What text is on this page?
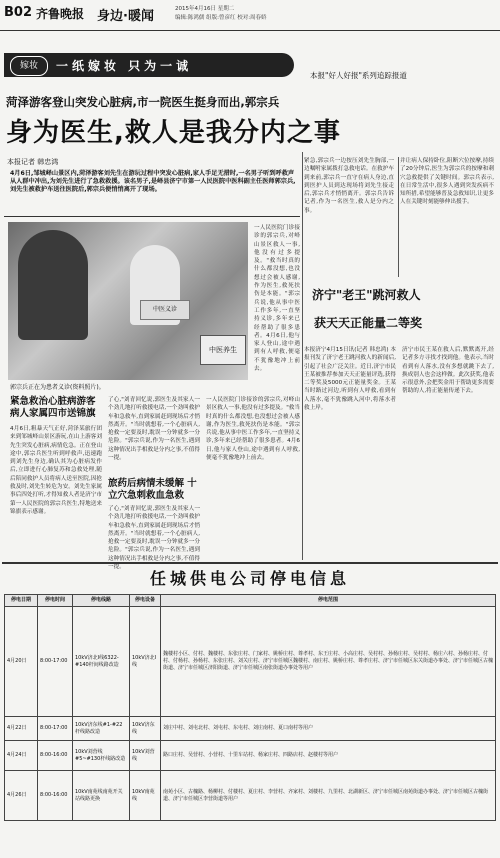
B02 齐鲁晚报 身边·暖闻	2015年4月16日 星期二
编辑:陈鸿儒 组版:曾彦红 校对:周春娇
嫁妆	一纸嫁妆 只为一诚
本报"好人好报"系列追踪报道
菏泽游客登山突发心脏病,市一院医生挺身而出,郭宗兵
身为医生,救人是我分内之事
本报记者 韩忠鸿
4月6日,邹城峄山景区内,菏泽游客刘先生在游玩过程中突发心脏病,家人手足无措时,一名男子听到呼救声从人群中冲出,为刘先生进行了急救救援。该名男子,是峄县济宁市第一人民医院中医科副主任医师郭宗兵,刘先生被救护车送往医院后,郭宗兵便悄悄离开了现场。
中医义诊
中医养生
郭宗兵正在为患者义诊(资料照片)。
紧急,郭宗兵一边按压刘先生胸部,一边嘱咐家属拨打急救电话。在救护车到来前,郭宗兵一直守在病人身边,直到医护人员到达现场将刘先生接走后,郭宗兵才悄悄离开。郭宗兵告诉记者,作为一名医生,救人是分内之事。
并让病人保持卧位,阻断穴位按摩,持续了20分钟后,医生为郭宗兵的按摩和刺穴急救提供了关键时间。郭宗兵表示,在日常生活中,很多人遇到突发疾病不知所措,希望能够普及急救知识,让更多人在关键时刻能够伸出援手。
紧急救治心脏病游客 病人家属四市送锦旗
4月6日,粗暴天气正好,菏泽某旅行团来到邹城峄山景区游玩,在山上游客刘先生突发心脏病,病情危急。正在登山途中,郭宗兵医生听到呼救声,迅速跑到刘先生身边,确认其为心脏病发作后,立即进行心肺复苏和急救处理,随后陪同救护人员将病人送至医院,因抢救及时,刘先生转危为安。刘先生家属事后四处打听,才得知救人者是济宁市第一人民医院的郭宗兵医生,特地送来锦旗表示感谢。
了心,"刘青回忆说,郭医生及其家人一个劲儿地打听救援电话,一个劲叫救护车和急救车,直到家属赶到现场后才悄然离开。"当时就想着,一个心脏病人,抢救一定要及时,耽误一分钟就多一分危险。"郭宗兵说,作为一名医生,遇到这种情况出手相救是分内之事,不值得一提。
旅药后病情未缓解 十立穴急刺救血急救
了心,"刘青回忆说,郭医生及其家人一个劲儿地打听救援电话,一个劲叫救护车和急救车,直到家属赶到现场后才悄然离开。"当时就想着,一个心脏病人,抢救一定要及时,耽误一分钟就多一分危险。"郭宗兵说,作为一名医生,遇到这种情况出手相救是分内之事,不值得一提。
一人民医院门诊接诊的郭宗兵,对峄山景区救人一事,他没有过多提及。"救当时真的什么都没想,也没想过会被人感谢,作为医生,救死扶伤是本能。"郭宗兵说,他从事中医工作多年,一直坚持义诊,多年来已经帮助了很多患者。4月6日,他与家人登山,途中遇到有人呼救,便毫不犹豫地冲上前去。
一人民医院门诊接诊的郭宗兵,对峄山景区救人一事,他没有过多提及。"救当时真的什么都没想,也没想过会被人感谢,作为医生,救死扶伤是本能。"郭宗兵说,他从事中医工作多年,一直坚持义诊,多年来已经帮助了很多患者。4月6日,他与家人登山,途中遇到有人呼救,便毫不犹豫地冲上前去。
济宁"老王"跳河救人
获天天正能量二等奖
本报济宁4月15日讯(记者 韩忠鸿) 本报刊发了济宁老王跳河救人的新闻后,引起了社会广泛关注。近日,济宁市民王某被推荐参加天天正能量评选,获得二等奖及5000元正能量奖金。王某当时路过河边,听到有人呼救,看到有人落水,毫不犹豫跳入河中,将落水者救上岸。
济宁市民王某在救人后,默默离开,经记者多方寻找才找到他。他表示,当时看到有人落水,没有多想就跳下去了,换成别人也会这样做。此次获奖,他表示很意外,会把奖金用于帮助更多需要帮助的人,将正能量传递下去。
任城供电公司停电信息
停电日期	停电时间	停电线路	停电设备	停电范围
4月20日	8:00-17:00	10kV济北I线6322-#140杆间线路改造	10kV济北I线	魏楼村小区、付村、魏楼村、东张庄村、门家村、姚桥庄村、尊孝村、东王庄村、小高庄村、吴村村、孙杨庄村、吴村村、杨庄六村、孙杨庄村、付村、付杨村、孙杨村、东张庄村、刘关庄村、济宁市任城区魏楼村、南庄村、姚桥庄村、尊孝庄村、济宁市任城区东关街道办事处、济宁市任城区古槐街道、济宁市任城区济阳街道、济宁市任城区南张街道办事处等用户
4月22日	8:00-17:00	10kV济东线#1-#22杆线路改造	10kV济东线	刘庄中村、刘屯北村、刘屯村、东屯村、刘庄南村、夏口南村等用户
4月24日	8:00-16:00	10kV刘营线#5~#130杆线路改造	10kV刘营线	路口庄村、吴营村、小营村、十里车站村、杨家庄村、四路店村、赵楼村等用户
4月26日	8:00-16:00	10kV南苑线南苑开关站线路更换	10kV南苑线	南苑小区、古槐路、杨柳村、付楼村、夏庄村、李营村、齐家村、刘楼村、九里村、北湖新区、济宁市任城区南苑街道办事处、济宁市任城区古槐街道、济宁市任城区李营街道等用户
